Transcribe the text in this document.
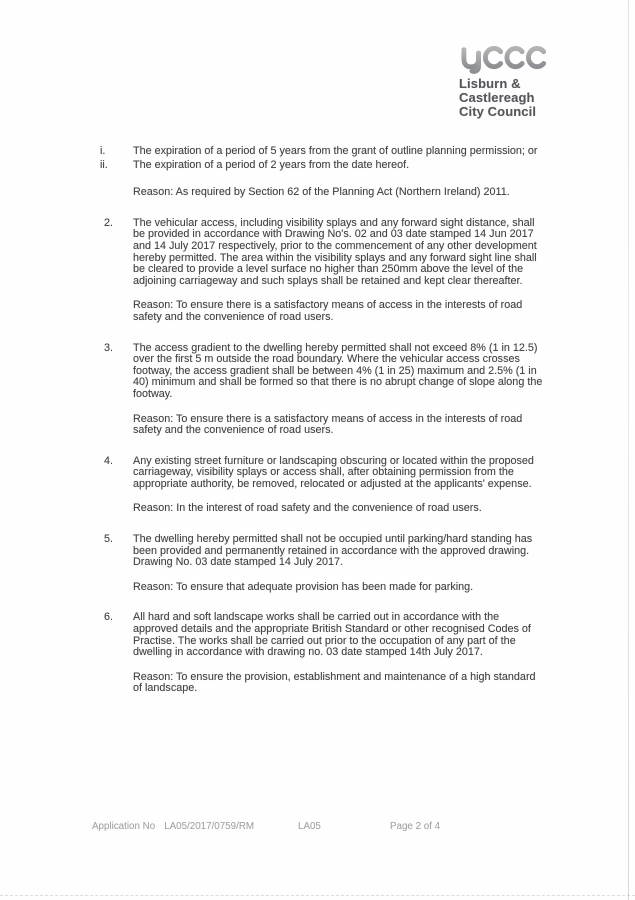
Lisburn &
Castlereagh
City Council
i.	The expiration of a period of 5 years from the grant of outline planning permission; or
ii.	The expiration of a period of 2 years from the date hereof.
Reason: As required by Section 62 of the Planning Act (Northern Ireland) 2011.
2.	The vehicular access, including visibility splays and any forward sight distance, shall be provided in accordance with Drawing No's. 02 and 03 date stamped 14 Jun 2017 and 14 July 2017 respectively, prior to the commencement of any other development hereby permitted. The area within the visibility splays and any forward sight line shall be cleared to provide a level surface no higher than 250mm above the level of the adjoining carriageway and such splays shall be retained and kept clear thereafter.
Reason: To ensure there is a satisfactory means of access in the interests of road safety and the convenience of road users.
3.	The access gradient to the dwelling hereby permitted shall not exceed 8% (1 in 12.5) over the first 5 m outside the road boundary. Where the vehicular access crosses footway, the access gradient shall be between 4% (1 in 25) maximum and 2.5% (1 in 40) minimum and shall be formed so that there is no abrupt change of slope along the footway.
Reason: To ensure there is a satisfactory means of access in the interests of road safety and the convenience of road users.
4.	Any existing street furniture or landscaping obscuring or located within the proposed carriageway, visibility splays or access shall, after obtaining permission from the appropriate authority, be removed, relocated or adjusted at the applicants' expense.
Reason: In the interest of road safety and the convenience of road users.
5.	The dwelling hereby permitted shall not be occupied until parking/hard standing has been provided and permanently retained in accordance with the approved drawing. Drawing No. 03 date stamped 14 July 2017.
Reason: To ensure that adequate provision has been made for parking.
6.	All hard and soft landscape works shall be carried out in accordance with the approved details and the appropriate British Standard or other recognised Codes of Practise. The works shall be carried out prior to the occupation of any part of the dwelling in accordance with drawing no. 03 date stamped 14th July 2017.
Reason: To ensure the provision, establishment and maintenance of a high standard of landscape.
Application No LA05/2017/0759/RM	LA05	Page 2 of 4
